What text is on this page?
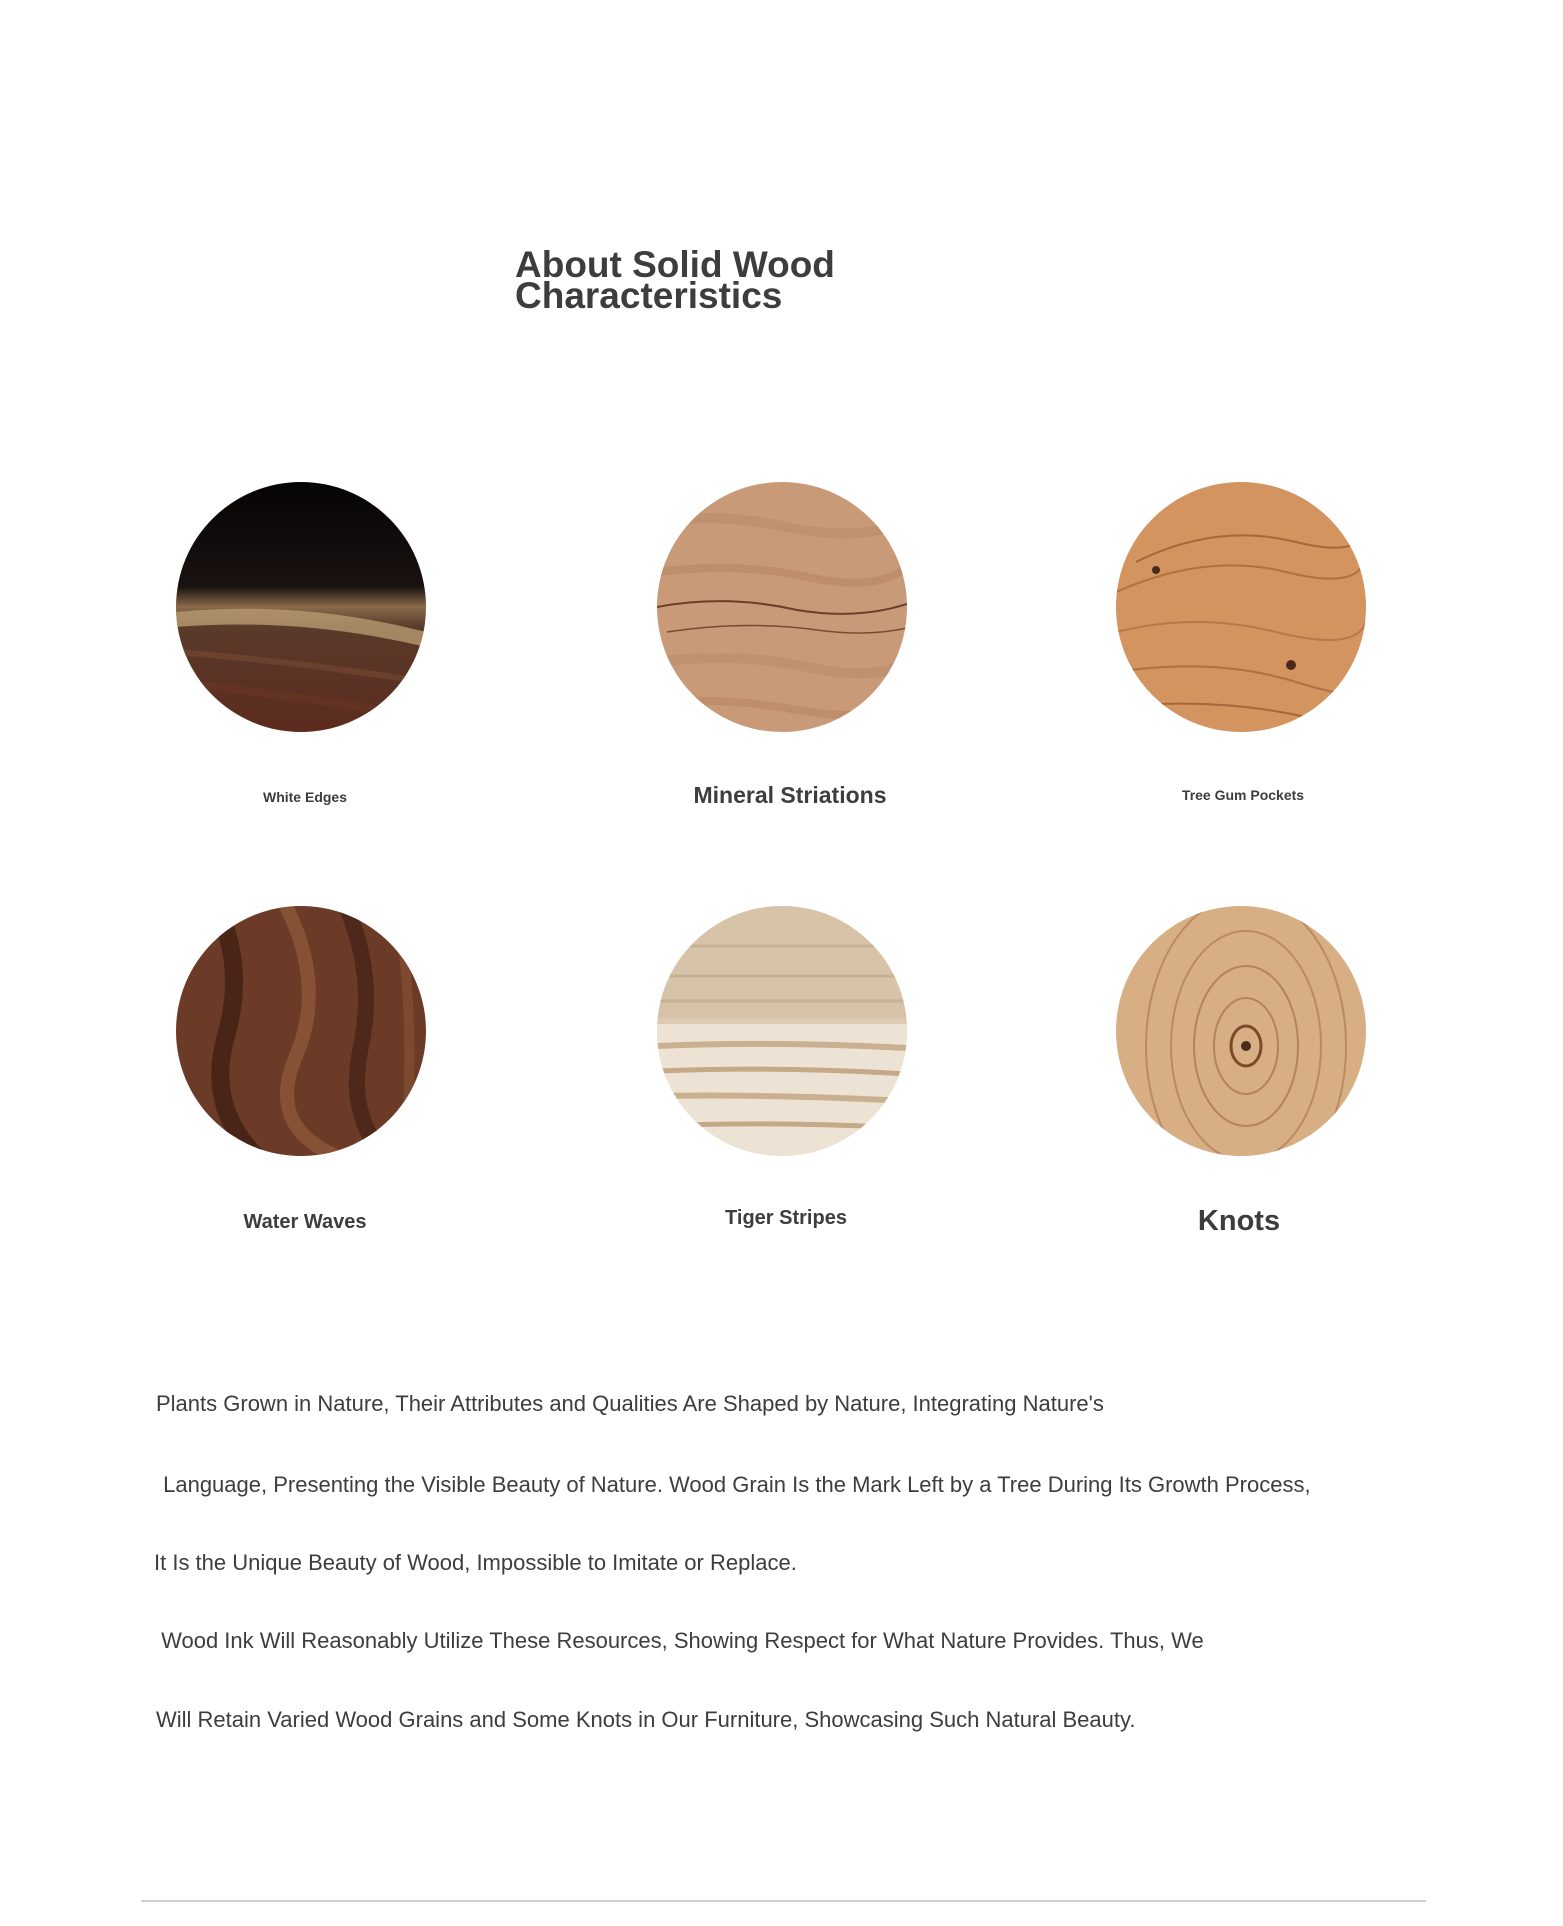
About Solid Wood
Characteristics
White Edges	Mineral Striations	Tree Gum Pockets
Water Waves	Tiger Stripes	Knots
Plants Grown in Nature, Their Attributes and Qualities Are Shaped by Nature, Integrating Nature's
Language, Presenting the Visible Beauty of Nature. Wood Grain Is the Mark Left by a Tree During Its Growth Process,
It Is the Unique Beauty of Wood, Impossible to Imitate or Replace.
Wood Ink Will Reasonably Utilize These Resources, Showing Respect for What Nature Provides. Thus, We
Will Retain Varied Wood Grains and Some Knots in Our Furniture, Showcasing Such Natural Beauty.
